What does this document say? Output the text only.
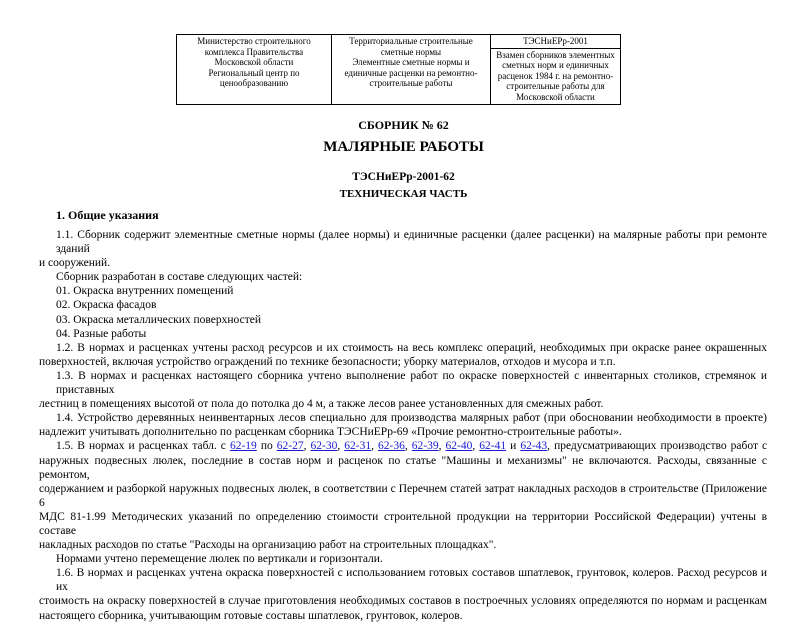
Министерство строительного
комплекса Правительства
Московской области
Региональный центр по
ценообразованию

Территориальные строительные
сметные нормы
Элементные сметные нормы и
единичные расценки на ремонтно-
строительные работы

ТЭСНиЕРр-2001
Взамен сборников элементных
сметных норм и единичных
расценок 1984 г. на ремонтно-
строительные работы для
Московской области
СБОРНИК № 62
МАЛЯРНЫЕ РАБОТЫ
ТЭСНиЕРр-2001-62
ТЕХНИЧЕСКАЯ ЧАСТЬ
1. Общие указания
1.1. Сборник содержит элементные сметные нормы (далее нормы) и единичные расценки (далее расценки) на малярные работы при ремонте зданий
и сооружений.
Сборник разработан в составе следующих частей:
01. Окраска внутренних помещений
02. Окраска фасадов
03. Окраска металлических поверхностей
04. Разные работы
1.2. В нормах и расценках учтены расход ресурсов и их стоимость на весь комплекс операций, необходимых при окраске ранее окрашенных
поверхностей, включая устройство ограждений по технике безопасности; уборку материалов, отходов и мусора и т.п.
1.3. В нормах и расценках настоящего сборника учтено выполнение работ по окраске поверхностей с инвентарных столиков, стремянок и приставных
лестниц в помещениях высотой от пола до потолка до 4 м, а также лесов ранее установленных для смежных работ.
1.4. Устройство деревянных неинвентарных лесов специально для производства малярных работ (при обосновании необходимости в проекте)
надлежит учитывать дополнительно по расценкам сборника ТЭСНиЕРр-69 «Прочие ремонтно-строительные работы».
1.5. В нормах и расценках табл. с 62-19 по 62-27, 62-30, 62-31, 62-36, 62-39, 62-40, 62-41 и 62-43, предусматривающих производство работ с
наружных подвесных люлек, последние в состав норм и расценок по статье "Машины и механизмы" не включаются. Расходы, связанные с ремонтом,
содержанием и разборкой наружных подвесных люлек, в соответствии с Перечнем статей затрат накладных расходов в строительстве (Приложение 6
МДС 81-1.99 Методических указаний по определению стоимости строительной продукции на территории Российской Федерации) учтены в составе
накладных расходов по статье "Расходы на организацию работ на строительных площадках".
Нормами учтено перемещение люлек по вертикали и горизонтали.
1.6. В нормах и расценках учтена окраска поверхностей с использованием готовых составов шпатлевок, грунтовок, колеров. Расход ресурсов и их
стоимость на окраску поверхностей в случае приготовления необходимых составов в построечных условиях определяются по нормам и расценкам
настоящего сборника, учитывающим готовые составы шпатлевок, грунтовок, колеров.
